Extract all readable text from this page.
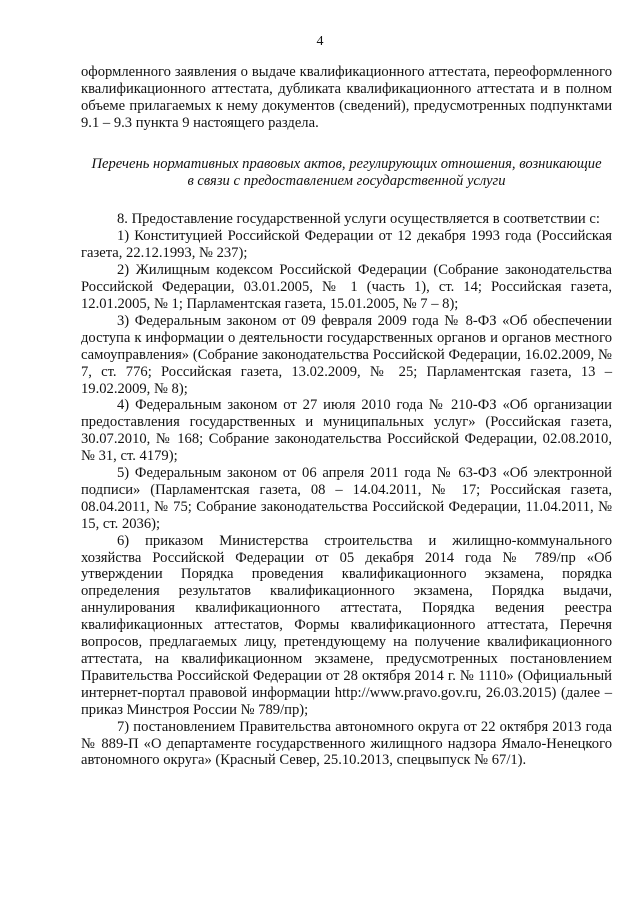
4

оформленного заявления о выдаче квалификационного аттестата, переоформленного квалификационного аттестата, дубликата квалификационного аттестата и в полном объеме прилагаемых к нему документов (сведений), предусмотренных подпунктами 9.1 – 9.3 пункта 9 настоящего раздела.

Перечень нормативных правовых актов, регулирующих отношения, возникающие в связи с предоставлением государственной услуги

8. Предоставление государственной услуги осуществляется в соответствии с:

1) Конституцией Российской Федерации от 12 декабря 1993 года (Российская газета, 22.12.1993, № 237);

2) Жилищным кодексом Российской Федерации (Собрание законодательства Российской Федерации, 03.01.2005, № 1 (часть 1), ст. 14; Российская газета, 12.01.2005, № 1; Парламентская газета, 15.01.2005, № 7 – 8);

3) Федеральным законом от 09 февраля 2009 года № 8-ФЗ «Об обеспечении доступа к информации о деятельности государственных органов и органов местного самоуправления» (Собрание законодательства Российской Федерации, 16.02.2009, № 7, ст. 776; Российская газета, 13.02.2009, № 25; Парламентская газета, 13 – 19.02.2009, № 8);

4) Федеральным законом от 27 июля 2010 года № 210-ФЗ «Об организации предоставления государственных и муниципальных услуг» (Российская газета, 30.07.2010, № 168; Собрание законодательства Российской Федерации, 02.08.2010, № 31, ст. 4179);

5) Федеральным законом от 06 апреля 2011 года № 63-ФЗ «Об электронной подписи» (Парламентская газета, 08 – 14.04.2011, № 17; Российская газета, 08.04.2011, № 75; Собрание законодательства Российской Федерации, 11.04.2011, № 15, ст. 2036);

6) приказом Министерства строительства и жилищно-коммунального хозяйства Российской Федерации от 05 декабря 2014 года № 789/пр «Об утверждении Порядка проведения квалификационного экзамена, порядка определения результатов квалификационного экзамена, Порядка выдачи, аннулирования квалификационного аттестата, Порядка ведения реестра квалификационных аттестатов, Формы квалификационного аттестата, Перечня вопросов, предлагаемых лицу, претендующему на получение квалификационного аттестата, на квалификационном экзамене, предусмотренных постановлением Правительства Российской Федерации от 28 октября 2014 г. № 1110» (Официальный интернет-портал правовой информации http://www.pravo.gov.ru, 26.03.2015) (далее – приказ Минстроя России № 789/пр);

7) постановлением Правительства автономного округа от 22 октября 2013 года № 889-П «О департаменте государственного жилищного надзора Ямало-Ненецкого автономного округа» (Красный Север, 25.10.2013, спецвыпуск № 67/1).
